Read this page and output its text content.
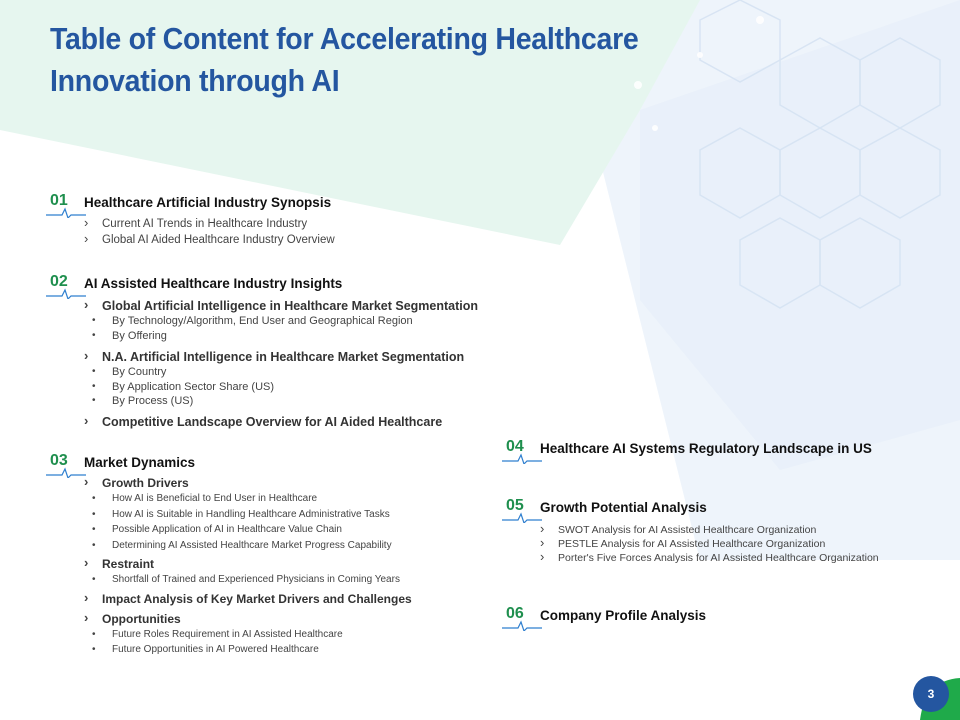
Table of Content for Accelerating Healthcare Innovation through AI
01 Healthcare Artificial Industry Synopsis
› Current AI Trends in Healthcare Industry
› Global AI Aided Healthcare Industry Overview
02 AI Assisted Healthcare Industry Insights
› Global Artificial Intelligence in Healthcare Market Segmentation
• By Technology/Algorithm, End User and Geographical Region
• By Offering
› N.A. Artificial Intelligence in Healthcare Market Segmentation
• By Country
• By Application Sector Share (US)
• By Process (US)
› Competitive Landscape Overview for AI Aided Healthcare
03 Market Dynamics
› Growth Drivers
• How AI is Beneficial to End User in Healthcare
• How AI is Suitable in Handling Healthcare Administrative Tasks
• Possible Application of AI in Healthcare Value Chain
• Determining AI Assisted Healthcare Market Progress Capability
› Restraint
• Shortfall of Trained and Experienced Physicians in Coming Years
› Impact Analysis of Key Market Drivers and Challenges
› Opportunities
• Future Roles Requirement in AI Assisted Healthcare
• Future Opportunities in AI Powered Healthcare
04 Healthcare AI Systems Regulatory Landscape in US
05 Growth Potential Analysis
› SWOT Analysis for AI Assisted Healthcare Organization
› PESTLE Analysis for AI Assisted Healthcare Organization
› Porter's Five Forces Analysis for AI Assisted Healthcare Organization
06 Company Profile Analysis
3
